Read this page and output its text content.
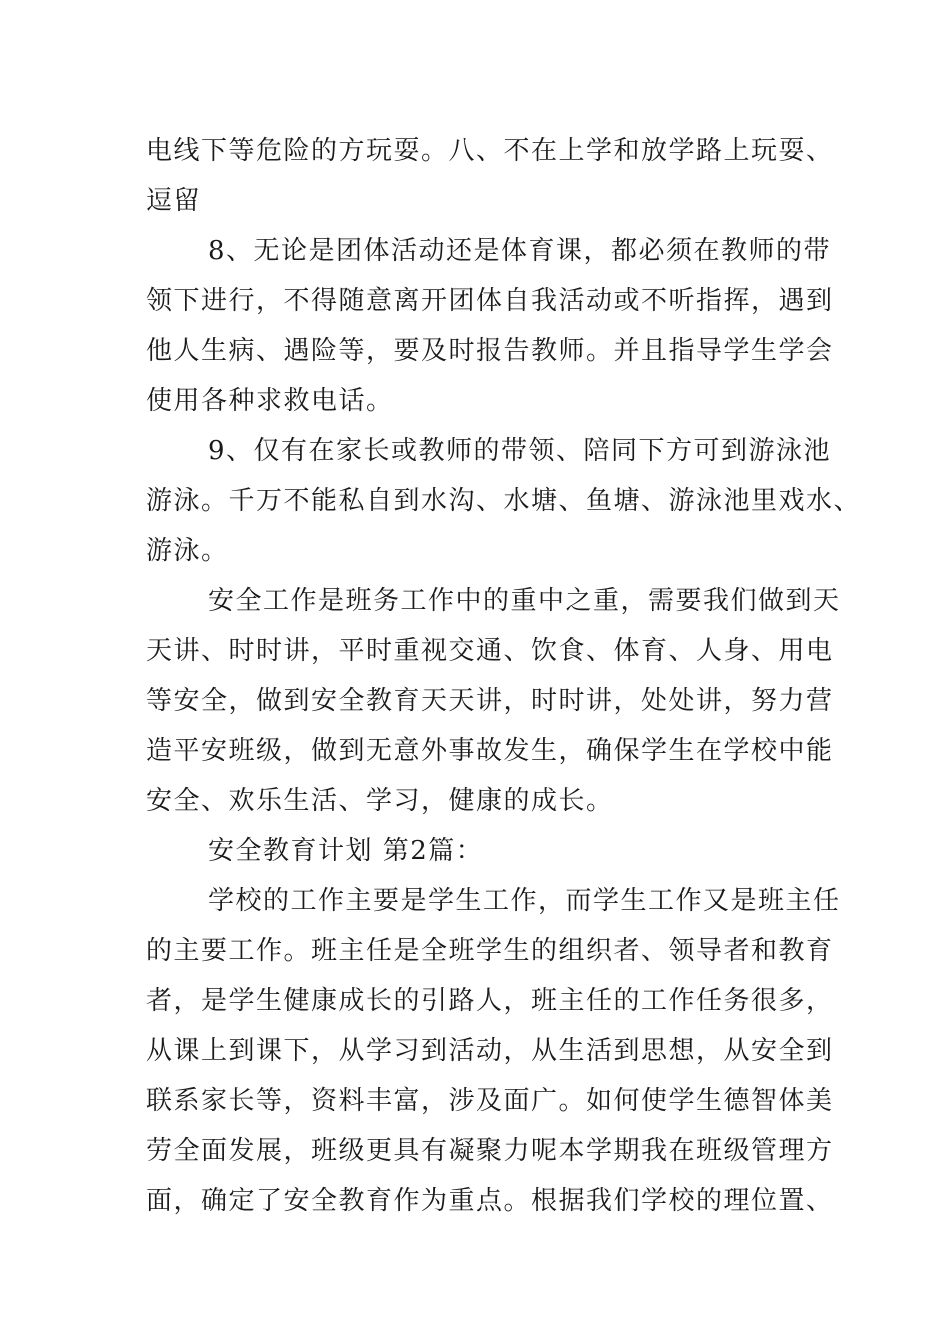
电线下等危险的方玩耍。八、不在上学和放学路上玩耍、
逗留
8、无论是团体活动还是体育课，都必须在教师的带
领下进行，不得随意离开团体自我活动或不听指挥，遇到
他人生病、遇险等，要及时报告教师。并且指导学生学会
使用各种求救电话。
9、仅有在家长或教师的带领、陪同下方可到游泳池
游泳。千万不能私自到水沟、水塘、鱼塘、游泳池里戏水、
游泳。
安全工作是班务工作中的重中之重，需要我们做到天
天讲、时时讲，平时重视交通、饮食、体育、人身、用电
等安全，做到安全教育天天讲，时时讲，处处讲，努力营
造平安班级，做到无意外事故发生，确保学生在学校中能
安全、欢乐生活、学习，健康的成长。
安全教育计划 第2篇：
学校的工作主要是学生工作，而学生工作又是班主任
的主要工作。班主任是全班学生的组织者、领导者和教育
者，是学生健康成长的引路人，班主任的工作任务很多，
从课上到课下，从学习到活动，从生活到思想，从安全到
联系家长等，资料丰富，涉及面广。如何使学生德智体美
劳全面发展，班级更具有凝聚力呢本学期我在班级管理方
面，确定了安全教育作为重点。根据我们学校的理位置、
